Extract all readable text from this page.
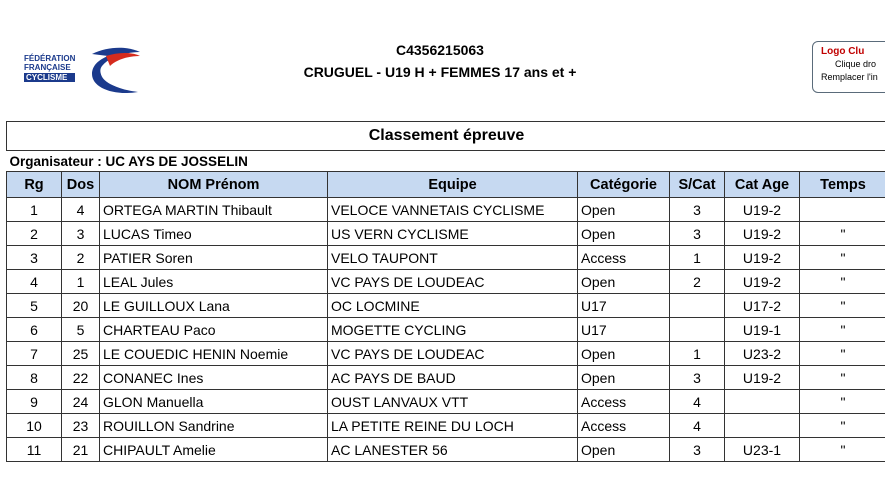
FÉDÉRATION
FRANÇAISE
CYCLISME
C4356215063
CRUGUEL - U19 H + FEMMES 17 ans et +
Logo Clu
Clique dro
Remplacer l'in
Classement épreuve							
Organisateur : UC AYS DE JOSSELIN							
Rg	Dos	NOM Prénom	Equipe	Catégorie	S/Cat	Cat Age	Temps
1	4	ORTEGA MARTIN Thibault	VELOCE VANNETAIS CYCLISME	Open	3	U19-2	
2	3	LUCAS Timeo	US VERN CYCLISME	Open	3	U19-2	"
3	2	PATIER Soren	VELO TAUPONT	Access	1	U19-2	"
4	1	LEAL Jules	VC PAYS DE LOUDEAC	Open	2	U19-2	"
5	20	LE GUILLOUX Lana	OC LOCMINE	U17		U17-2	"
6	5	CHARTEAU Paco	MOGETTE CYCLING	U17		U19-1	"
7	25	LE COUEDIC HENIN Noemie	VC PAYS DE LOUDEAC	Open	1	U23-2	"
8	22	CONANEC Ines	AC PAYS DE BAUD	Open	3	U19-2	"
9	24	GLON Manuella	OUST LANVAUX VTT	Access	4		"
10	23	ROUILLON Sandrine	LA PETITE REINE DU LOCH	Access	4		"
11	21	CHIPAULT Amelie	AC LANESTER 56	Open	3	U23-1	"
